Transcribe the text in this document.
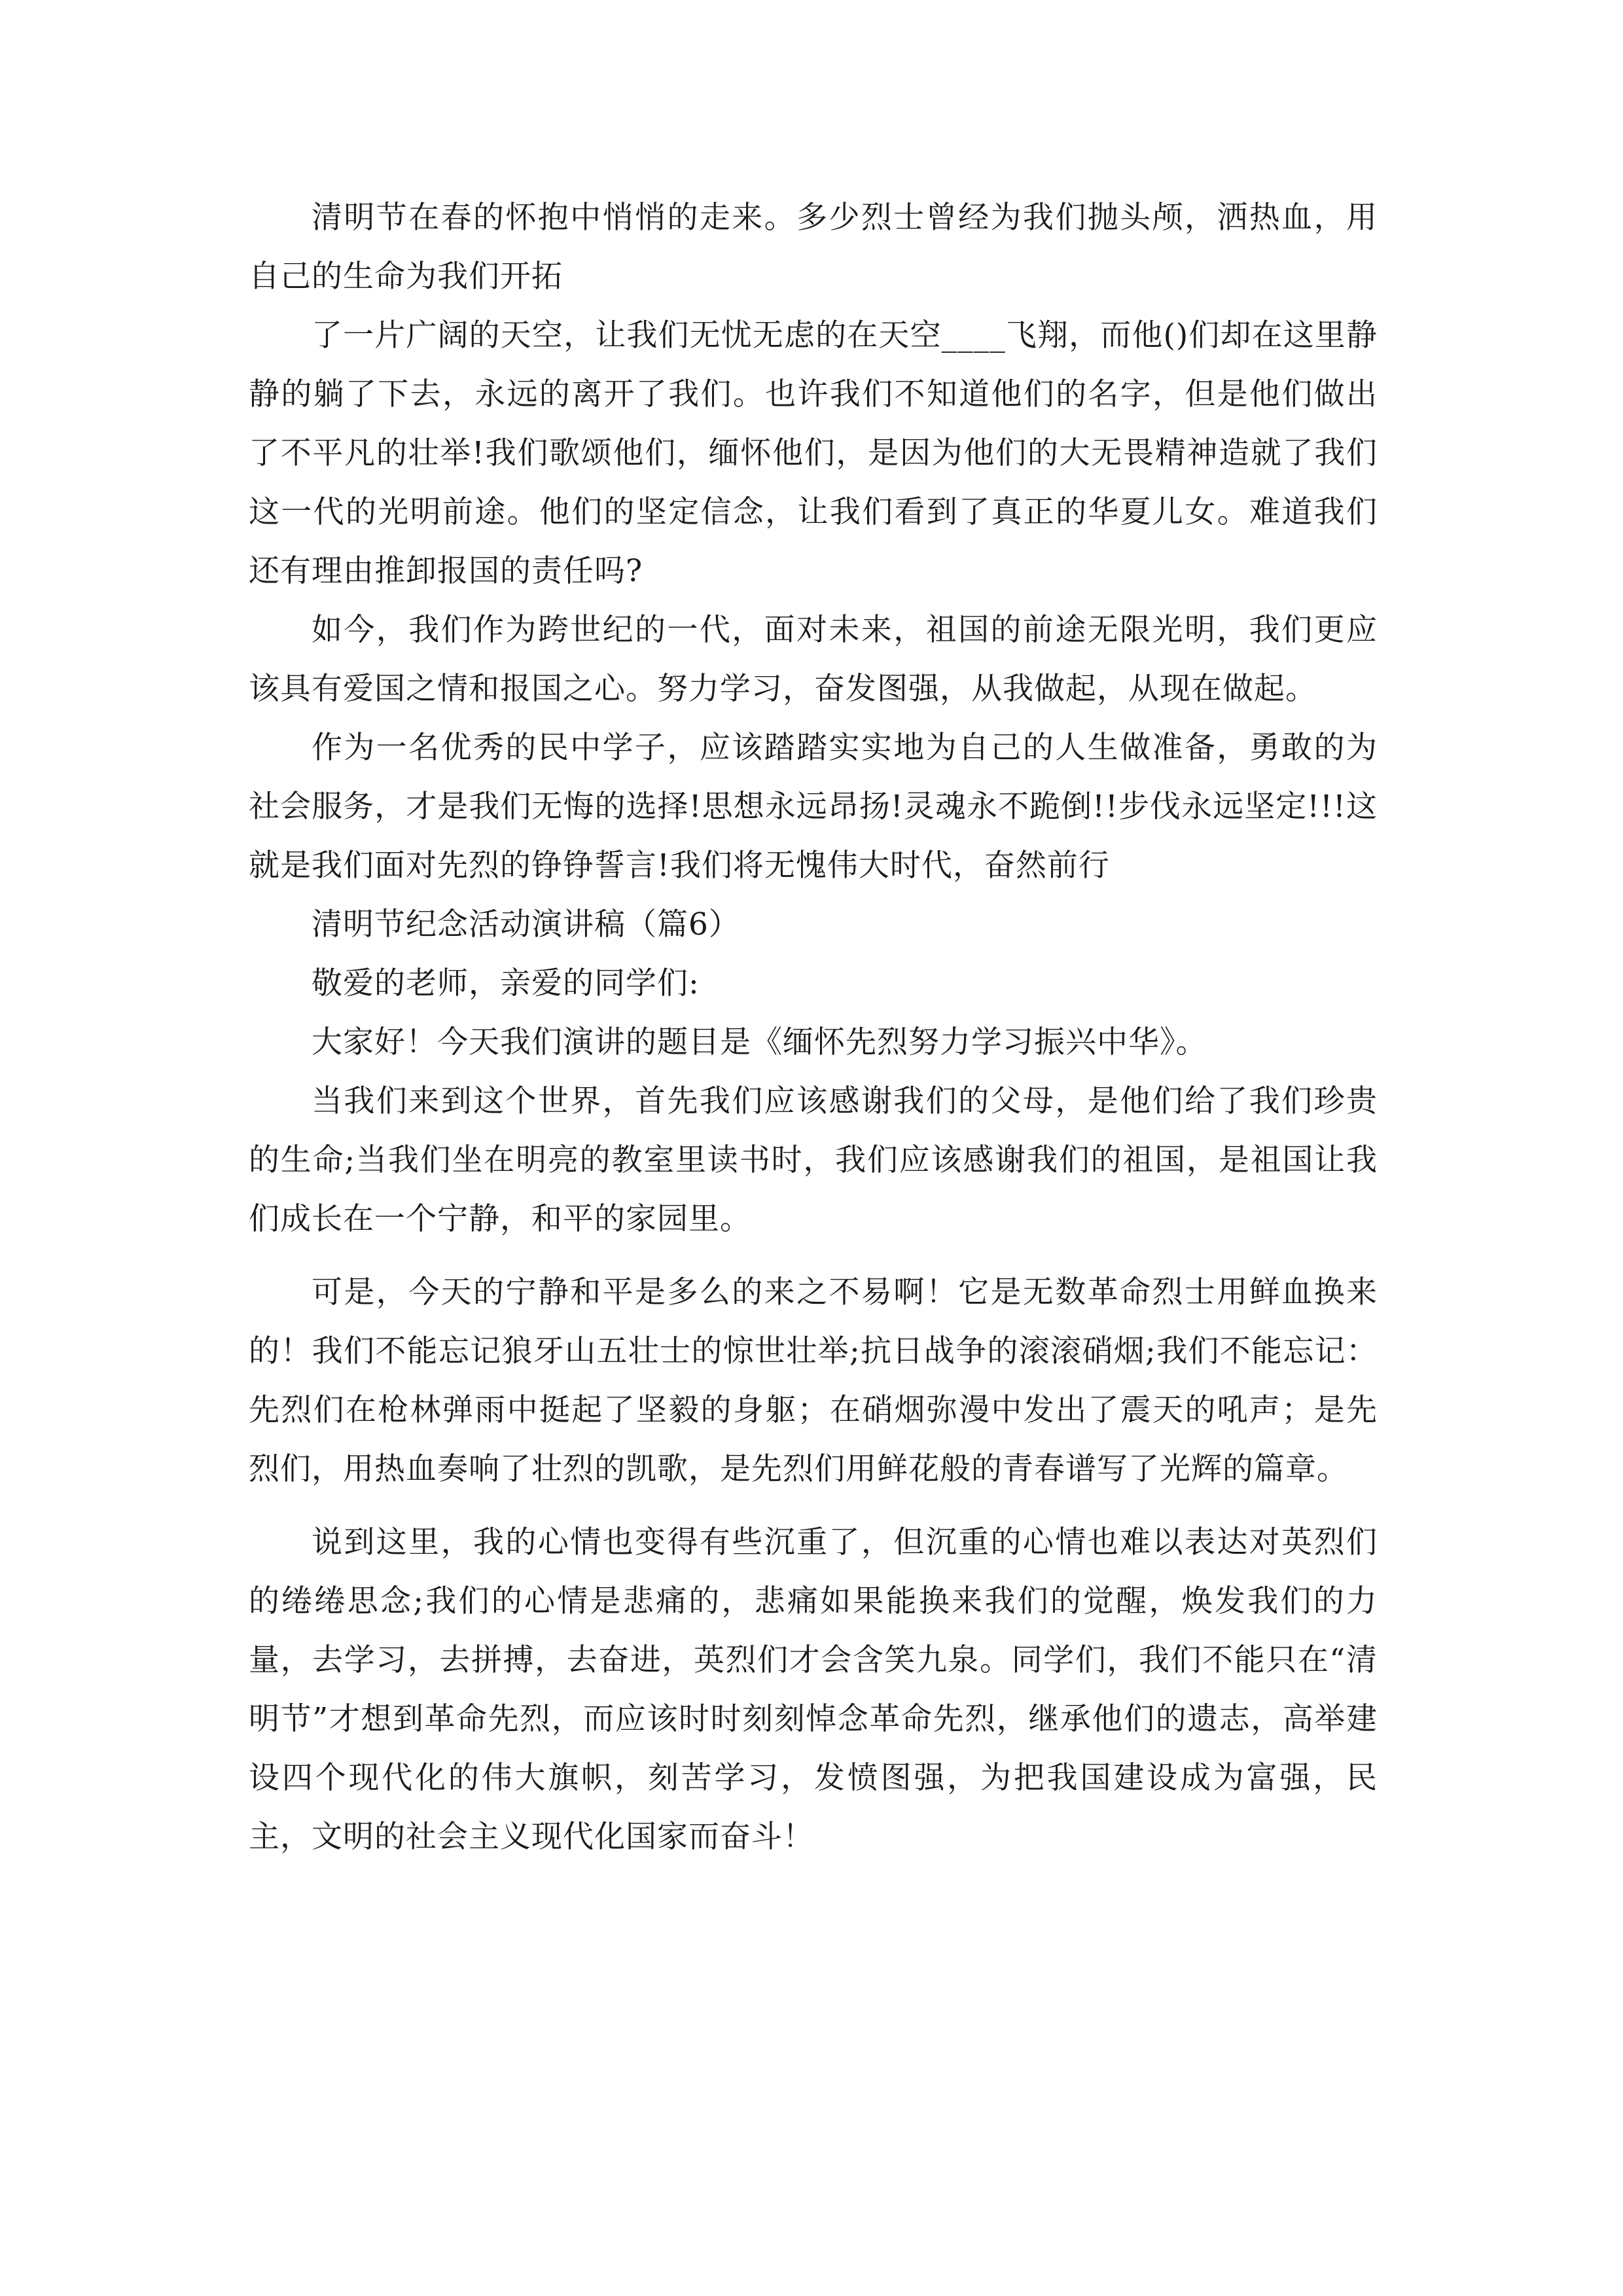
清明节在春的怀抱中悄悄的走来。多少烈士曾经为我们抛头颅，洒热血，用自己的生命为我们开拓

了一片广阔的天空，让我们无忧无虑的在天空____飞翔，而他()们却在这里静静的躺了下去，永远的离开了我们。也许我们不知道他们的名字，但是他们做出了不平凡的壮举!我们歌颂他们，缅怀他们，是因为他们的大无畏精神造就了我们这一代的光明前途。他们的坚定信念，让我们看到了真正的华夏儿女。难道我们还有理由推卸报国的责任吗?

如今，我们作为跨世纪的一代，面对未来，祖国的前途无限光明，我们更应该具有爱国之情和报国之心。努力学习，奋发图强，从我做起，从现在做起。

作为一名优秀的民中学子，应该踏踏实实地为自己的人生做准备，勇敢的为社会服务，才是我们无悔的选择!思想永远昂扬!灵魂永不跪倒!!步伐永远坚定!!!这就是我们面对先烈的铮铮誓言!我们将无愧伟大时代，奋然前行

清明节纪念活动演讲稿（篇6）

敬爱的老师，亲爱的同学们:

大家好！今天我们演讲的题目是《缅怀先烈努力学习振兴中华》。

当我们来到这个世界，首先我们应该感谢我们的父母，是他们给了我们珍贵的生命;当我们坐在明亮的教室里读书时，我们应该感谢我们的祖国，是祖国让我们成长在一个宁静，和平的家园里。

可是，今天的宁静和平是多么的来之不易啊！它是无数革命烈士用鲜血换来的！我们不能忘记狼牙山五壮士的惊世壮举;抗日战争的滚滚硝烟;我们不能忘记：先烈们在枪林弹雨中挺起了坚毅的身躯；在硝烟弥漫中发出了震天的吼声；是先烈们，用热血奏响了壮烈的凯歌，是先烈们用鲜花般的青春谱写了光辉的篇章。

说到这里，我的心情也变得有些沉重了，但沉重的心情也难以表达对英烈们的绻绻思念;我们的心情是悲痛的，悲痛如果能换来我们的觉醒，焕发我们的力量，去学习，去拼搏，去奋进，英烈们才会含笑九泉。同学们，我们不能只在“清明节”才想到革命先烈，而应该时时刻刻悼念革命先烈，继承他们的遗志，高举建设四个现代化的伟大旗帜，刻苦学习，发愤图强，为把我国建设成为富强，民主，文明的社会主义现代化国家而奋斗！
